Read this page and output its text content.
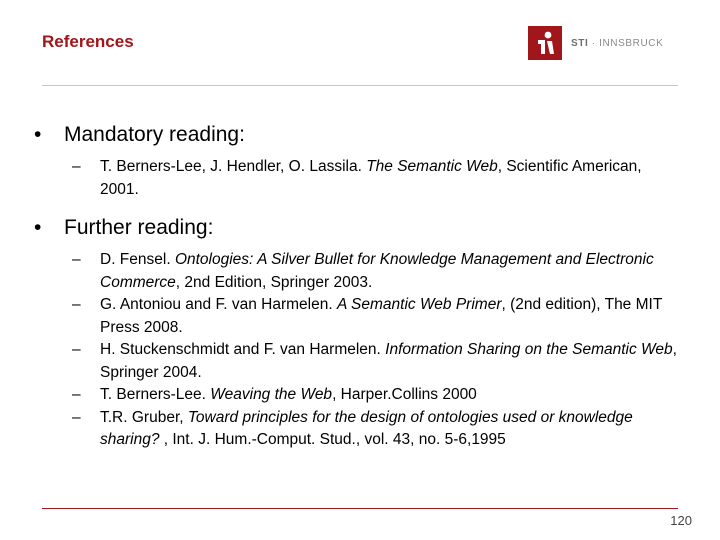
References	STI · INNSBRUCK
•	Mandatory reading:
–	T. Berners-Lee, J. Hendler, O. Lassila. The Semantic Web, Scientific American, 2001.
•	Further reading:
–	D. Fensel. Ontologies: A Silver Bullet for Knowledge Management and Electronic Commerce, 2nd Edition, Springer 2003.
–	G. Antoniou and F. van Harmelen. A Semantic Web Primer, (2nd edition), The MIT Press 2008.
–	H. Stuckenschmidt and F. van Harmelen. Information Sharing on the Semantic Web, Springer 2004.
–	T. Berners-Lee. Weaving the Web, Harper.Collins 2000
–	T.R. Gruber, Toward principles for the design of ontologies used or knowledge sharing? , Int. J. Hum.-Comput. Stud., vol. 43, no. 5-6,1995
120
